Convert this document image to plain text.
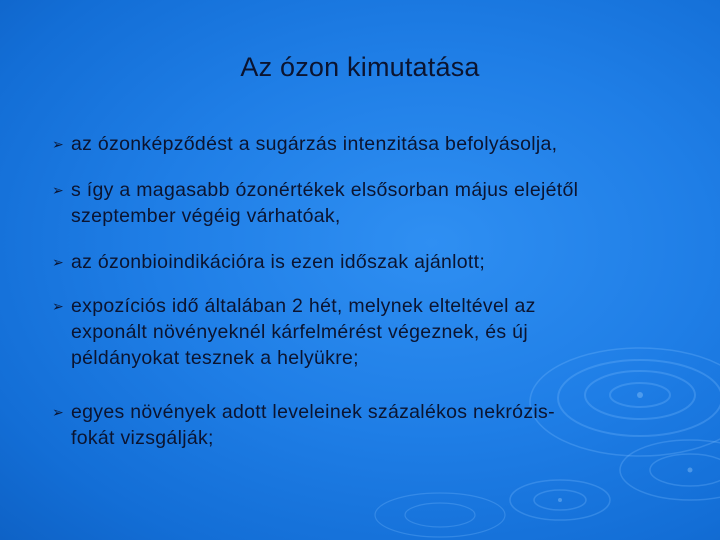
Az ózon kimutatása
➢ az ózonképződést a sugárzás intenzitása befolyásolja,
➢ s így a magasabb ózonértékek elsősorban május elejétől
szeptember végéig várhatóak,
➢ az ózonbioindikációra is ezen időszak ajánlott;
➢ expozíciós idő általában 2 hét, melynek elteltével az
exponált növényeknél kárfelmérést végeznek, és új
példányokat tesznek a helyükre;
➢ egyes növények adott leveleinek százalékos nekrózis-
fokát vizsgálják;
